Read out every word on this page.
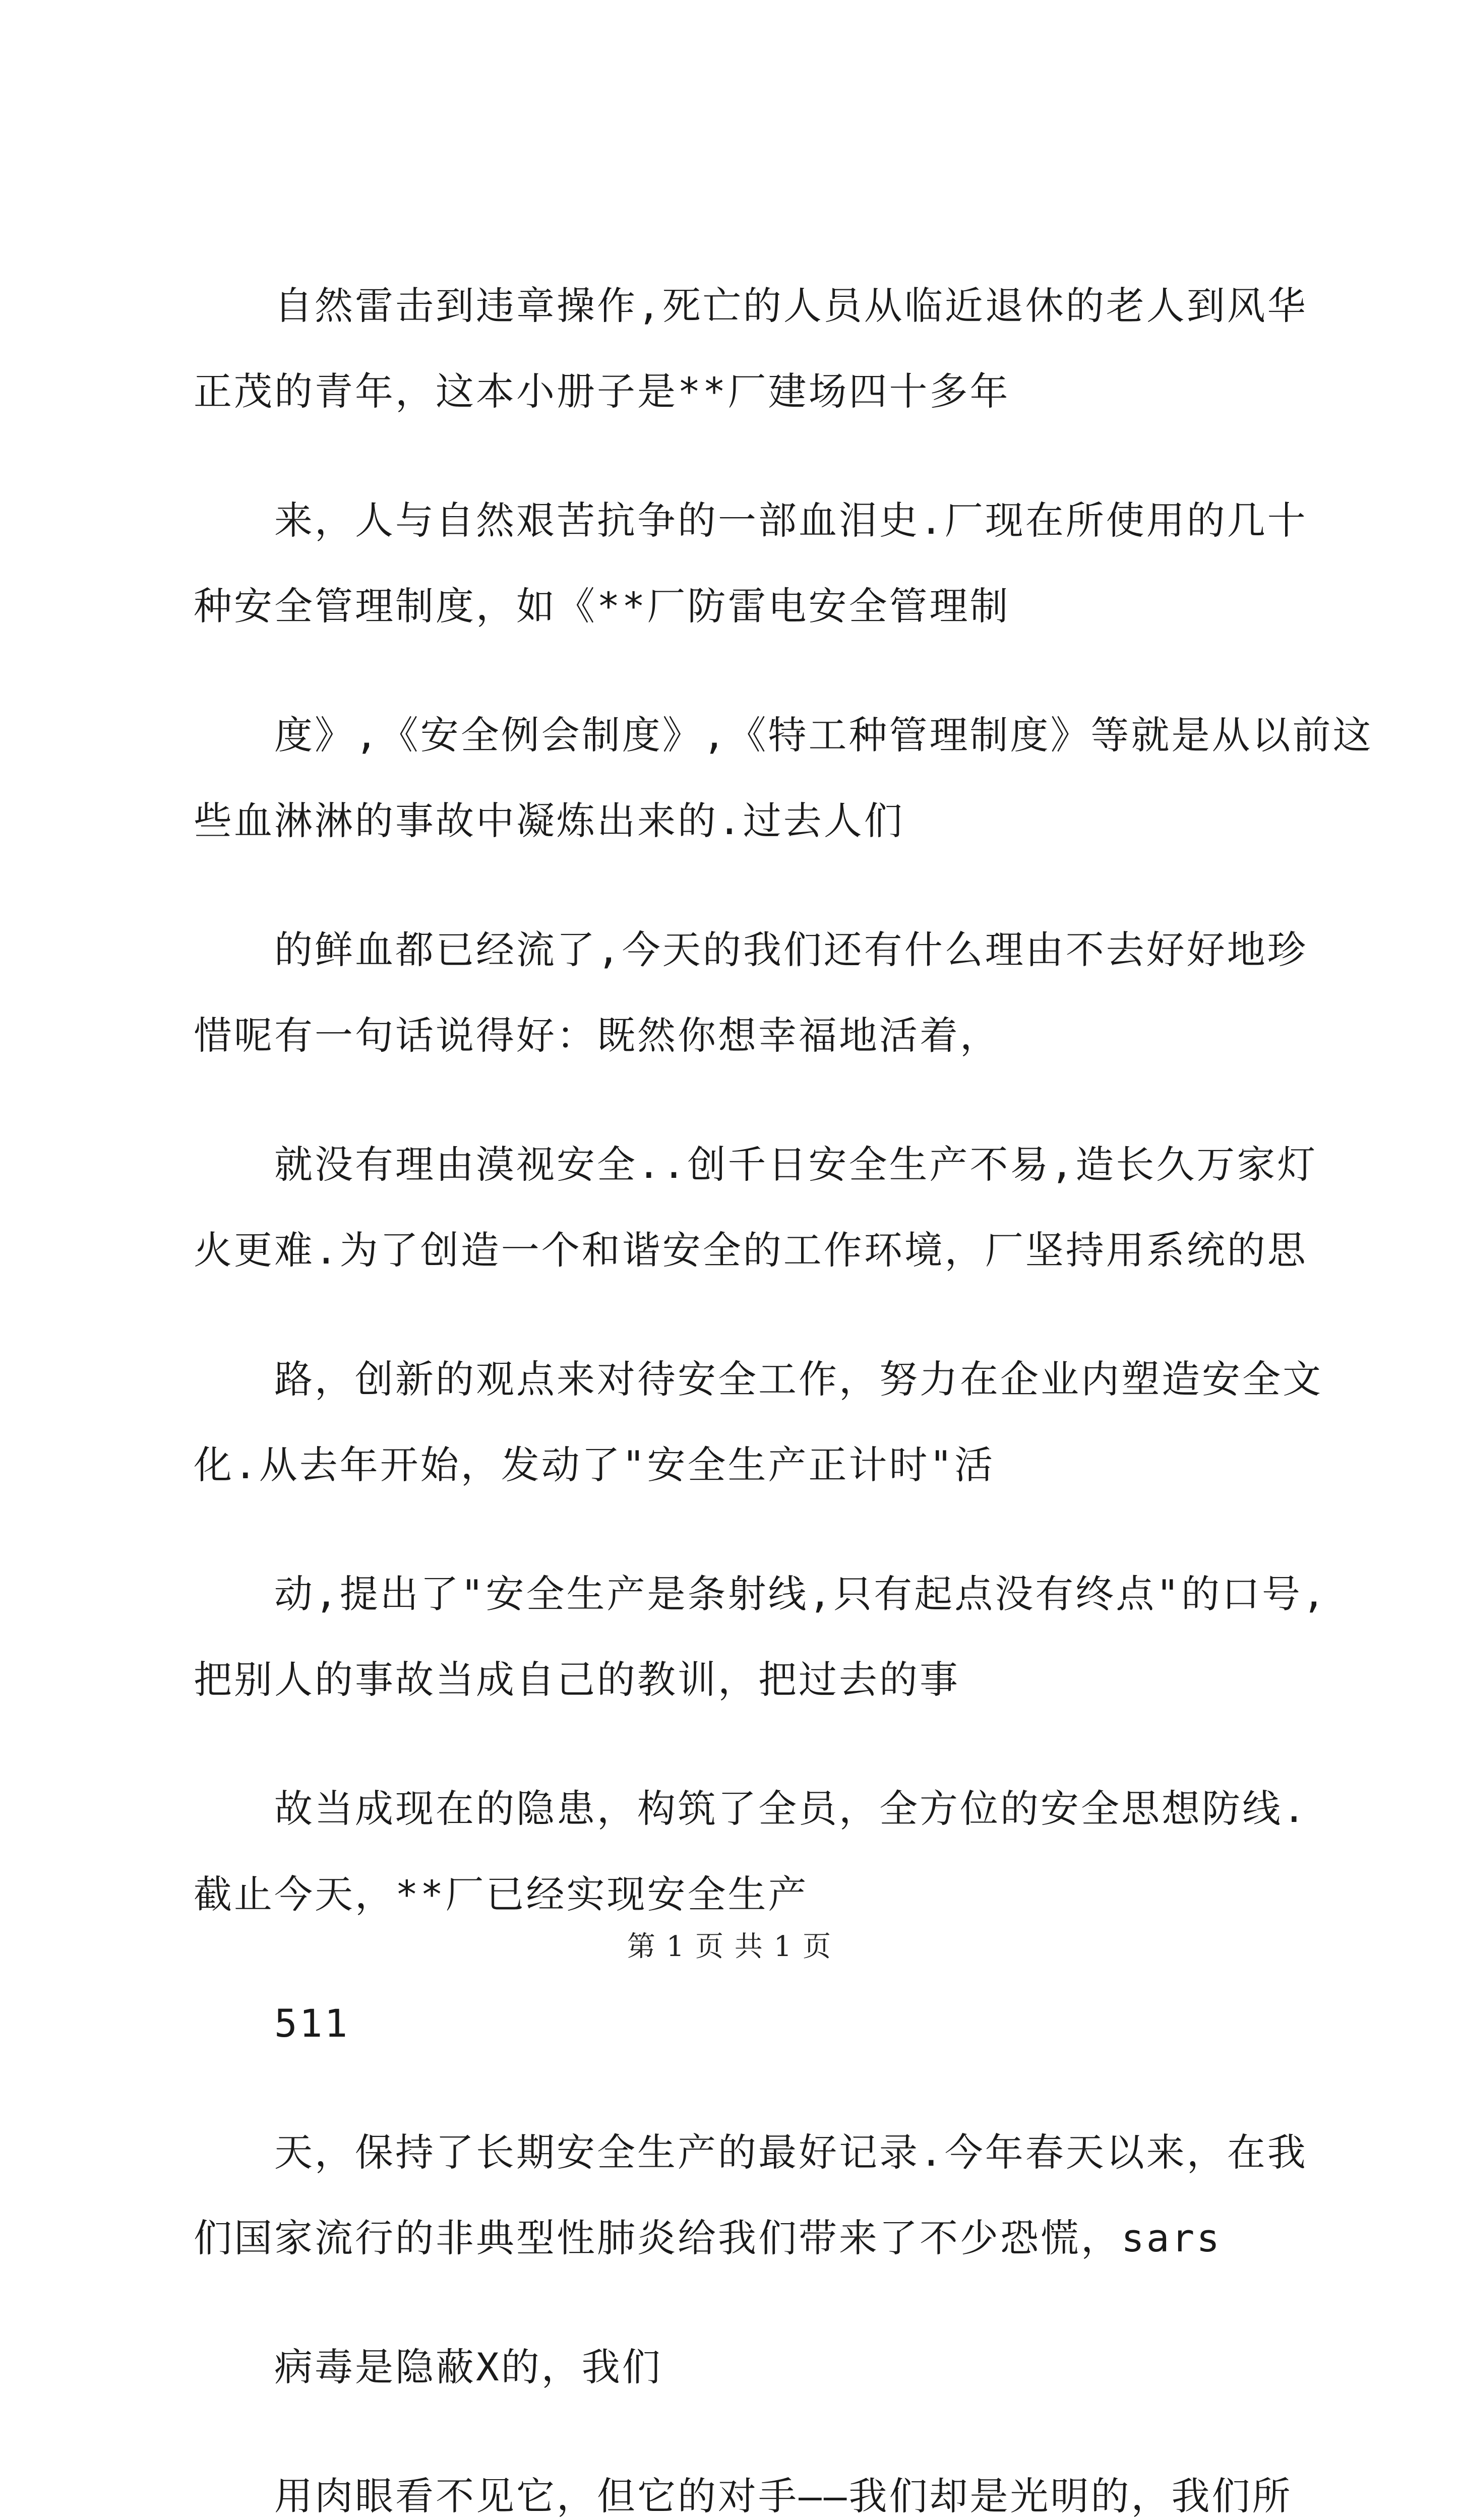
自然雷击到违章操作,死亡的人员从临近退休的老人到风华
正茂的青年，这本小册子是**厂建场四十多年

来，人与自然艰苦抗争的一部血泪史.厂现在所使用的几十
种安全管理制度，如《**厂防雷电安全管理制

度》,《安全例会制度》,《特工种管理制度》等就是从以前这
些血淋淋的事故中凝炼出来的.过去人们

的鲜血都已经流了,今天的我们还有什么理由不去好好地珍
惜呢有一句话说得好：既然你想幸福地活着，

就没有理由漠视安全..创千日安全生产不易,造长久万家灯
火更难.为了创造一个和谐安全的工作环境，厂坚持用系统的思

路，创新的观点来对待安全工作，努力在企业内塑造安全文
化.从去年开始，发动了"安全生产正计时"活

动,提出了"安全生产是条射线,只有起点没有终点"的口号,
把别人的事故当成自己的教训，把过去的事

故当成现在的隐患，构筑了全员，全方位的安全思想防线.
截止今天，**厂已经实现安全生产

511

天，保持了长期安全生产的最好记录.今年春天以来，在我
们国家流行的非典型性肺炎给我们带来了不少恐慌，sars

病毒是隐蔽X的，我们

用肉眼看不见它，但它的对手——我们却是光明的，我们所

第 1 页 共 1 页
